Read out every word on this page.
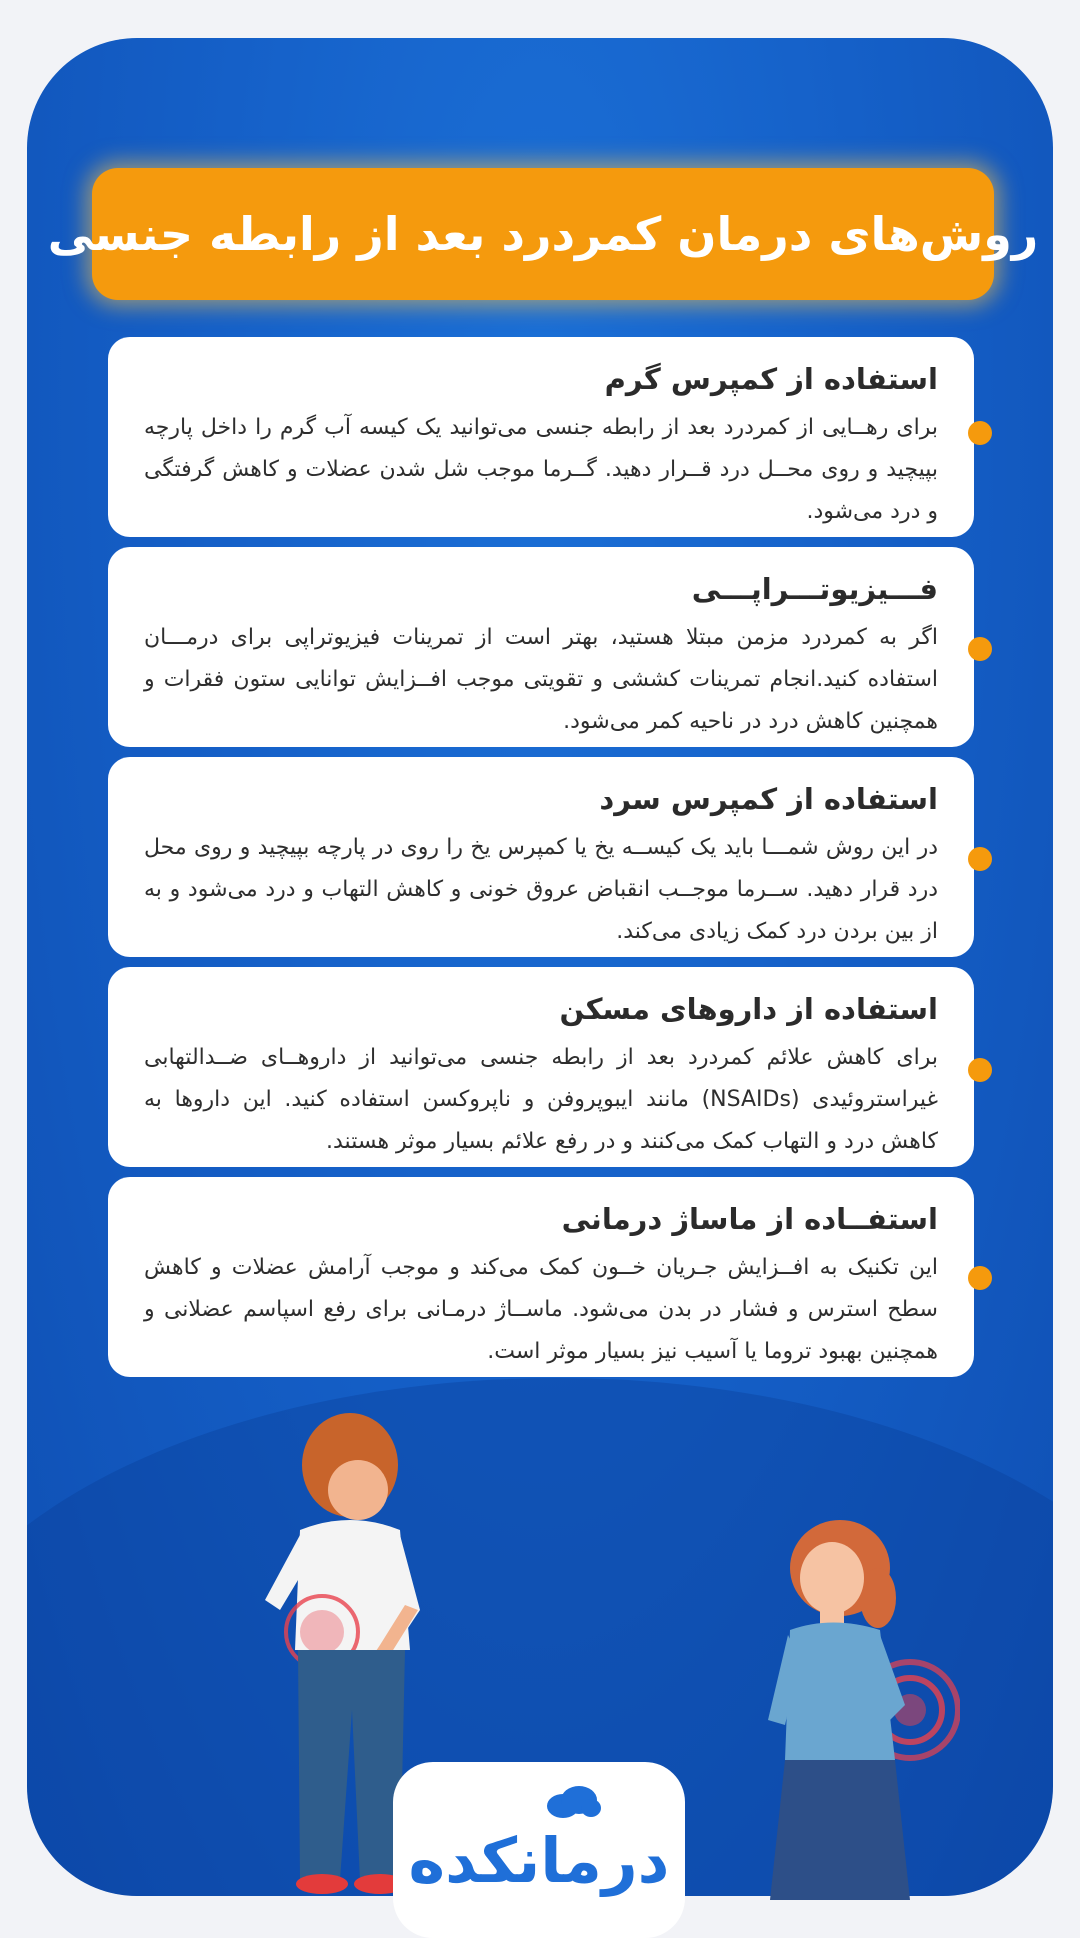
روش‌های درمان کمردرد بعد از رابطه جنسی
استفاده از کمپرس گرم

برای رهــایی از کمردرد بعد از رابطه جنسی می‌توانید یک کیسه آب گرم را داخل پارچه بپیچید و روی محــل درد قــرار دهید. گــرما موجب شل شدن عضلات و کاهش گرفتگی و درد می‌شود.

فـــیزیوتـــراپـــی

اگر به کمردرد مزمن مبتلا هستید، بهتر است از تمرینات فیزیوتراپی برای درمـــان استفاده کنید.انجام تمرینات کششی و تقویتی موجب افــزایش توانایی ستون فقرات و همچنین کاهش درد در ناحیه کمر می‌شود.

استفاده از کمپرس سرد

در این روش شمـــا باید یک کیســه یخ یا کمپرس یخ را روی در پارچه بپیچید و روی محل درد قرار دهید. ســرما موجــب انقباض عروق خونی و کاهش التهاب و درد می‌شود و به از بین بردن درد کمک زیادی می‌کند.

استفاده از داروهای مسکن

برای کاهش علائم کمردرد بعد از رابطه جنسی می‌توانید از داروهــای ضــدالتهابی غیراستروئیدی (NSAIDs) مانند ایبوپروفن و ناپروکسن استفاده کنید. این داروها به کاهش درد و التهاب کمک می‌کنند و در رفع علائم بسیار موثر هستند.

استفــاده از ماساژ درمانی

این تکنیک به افــزایش جـریان خــون کمک می‌کند و موجب آرامش عضلات و کاهش سطح استرس و فشار در بدن می‌شود. ماســاژ درمـانی برای رفع اسپاسم عضلانی و همچنین بهبود تروما یا آسیب نیز بسیار موثر است.

درمانکده
